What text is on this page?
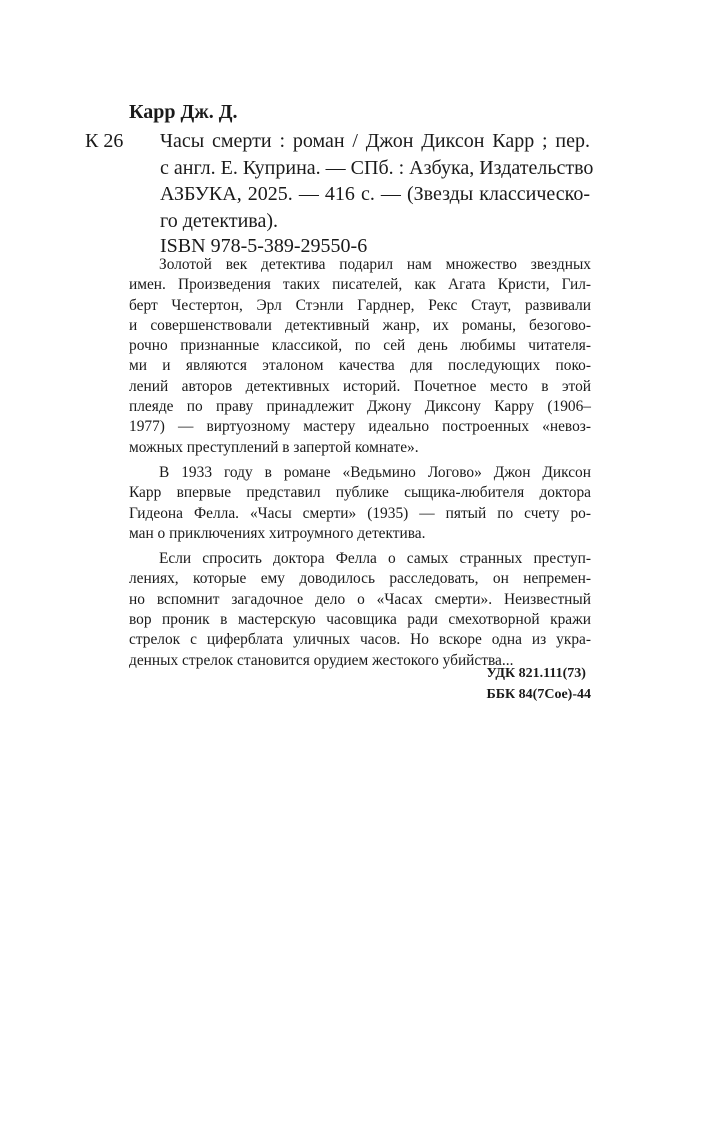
Карр Дж. Д.
К 26 Часы смерти : роман / Джон Диксон Карр ; пер.
с англ. Е. Куприна. — СПб. : Азбука, Издательство
АЗБУКА, 2025. — 416 с. — (Звезды классическо-
го детектива).
ISBN 978-5-389-29550-6
Золотой век детектива подарил нам множество звездных
имен. Произведения таких писателей, как Агата Кристи, Гил-
берт Честертон, Эрл Стэнли Гарднер, Рекс Стаут, развивали
и совершенствовали детективный жанр, их романы, безогово-
рочно признанные классикой, по сей день любимы читателя-
ми и являются эталоном качества для последующих поко-
лений авторов детективных историй. Почетное место в этой
плеяде по праву принадлежит Джону Диксону Карру (1906–
1977) — виртуозному мастеру идеально построенных «невоз-
можных преступлений в запертой комнате».
В 1933 году в романе «Ведьмино Логово» Джон Диксон
Карр впервые представил публике сыщика-любителя доктора
Гидеона Фелла. «Часы смерти» (1935) — пятый по счету ро-
ман о приключениях хитроумного детектива.
Если спросить доктора Фелла о самых странных преступ-
лениях, которые ему доводилось расследовать, он непремен-
но вспомнит загадочное дело о «Часах смерти». Неизвестный
вор проник в мастерскую часовщика ради смехотворной кражи
стрелок с циферблата уличных часов. Но вскоре одна из укра-
денных стрелок становится орудием жестокого убийства...
УДК 821.111(73)
ББК 84(7Сое)-44
